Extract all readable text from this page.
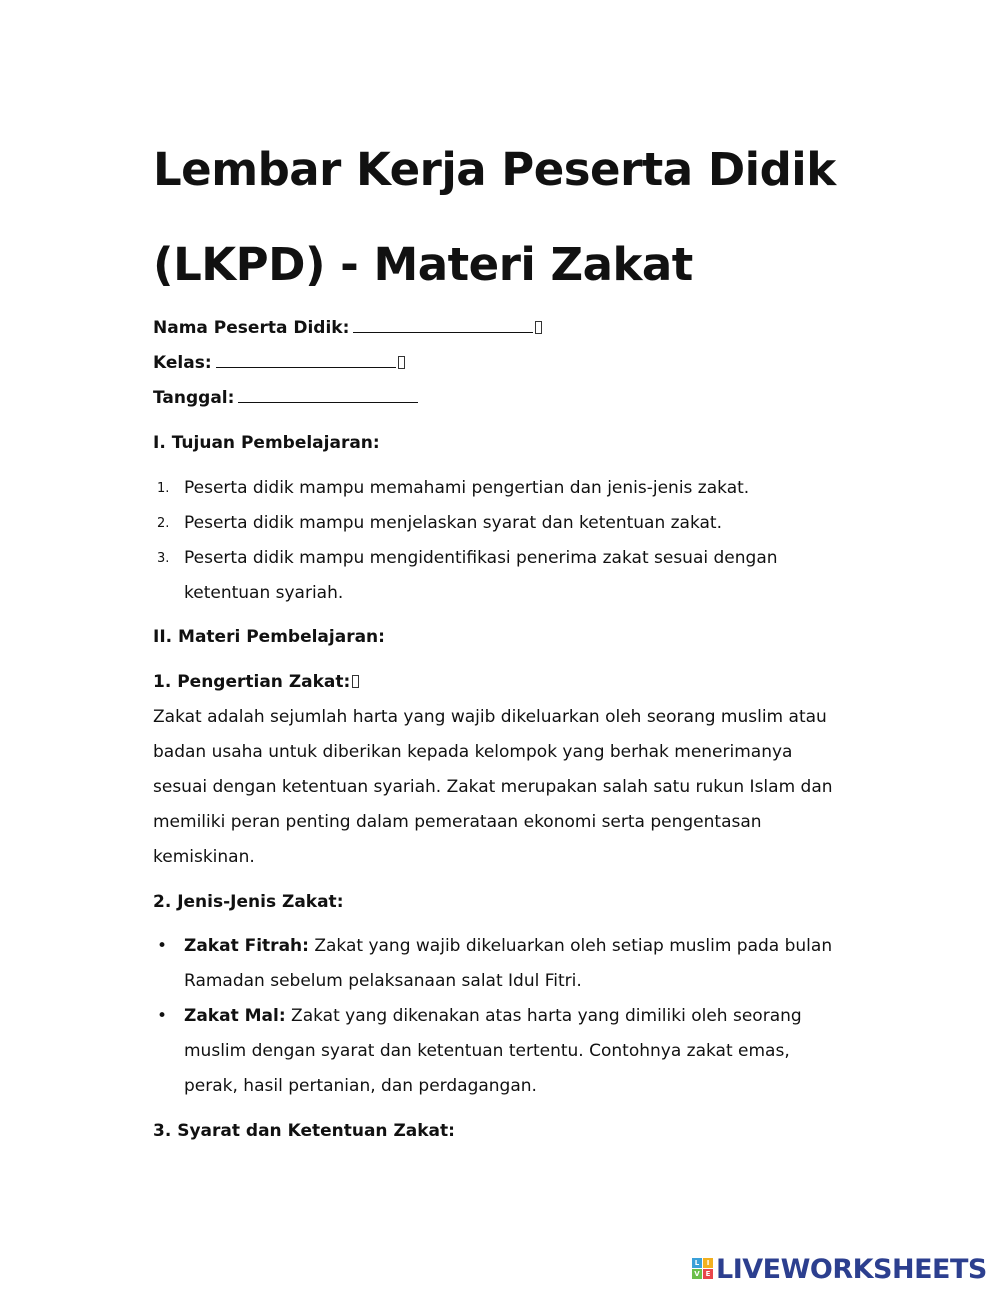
Lembar Kerja Peserta Didik
(LKPD) - Materi Zakat
Nama Peserta Didik:
Kelas:
Tanggal:
I. Tujuan Pembelajaran:
1. Peserta didik mampu memahami pengertian dan jenis-jenis zakat.
2. Peserta didik mampu menjelaskan syarat dan ketentuan zakat.
3. Peserta didik mampu mengidentifikasi penerima zakat sesuai dengan
ketentuan syariah.
II. Materi Pembelajaran:
1. Pengertian Zakat:
Zakat adalah sejumlah harta yang wajib dikeluarkan oleh seorang muslim atau
badan usaha untuk diberikan kepada kelompok yang berhak menerimanya
sesuai dengan ketentuan syariah. Zakat merupakan salah satu rukun Islam dan
memiliki peran penting dalam pemerataan ekonomi serta pengentasan
kemiskinan.
2. Jenis-Jenis Zakat:
• Zakat Fitrah: Zakat yang wajib dikeluarkan oleh setiap muslim pada bulan
Ramadan sebelum pelaksanaan salat Idul Fitri.
• Zakat Mal: Zakat yang dikenakan atas harta yang dimiliki oleh seorang
muslim dengan syarat dan ketentuan tertentu. Contohnya zakat emas,
perak, hasil pertanian, dan perdagangan.
3. Syarat dan Ketentuan Zakat:
L	I
V E LIVEWORKSHEETS
